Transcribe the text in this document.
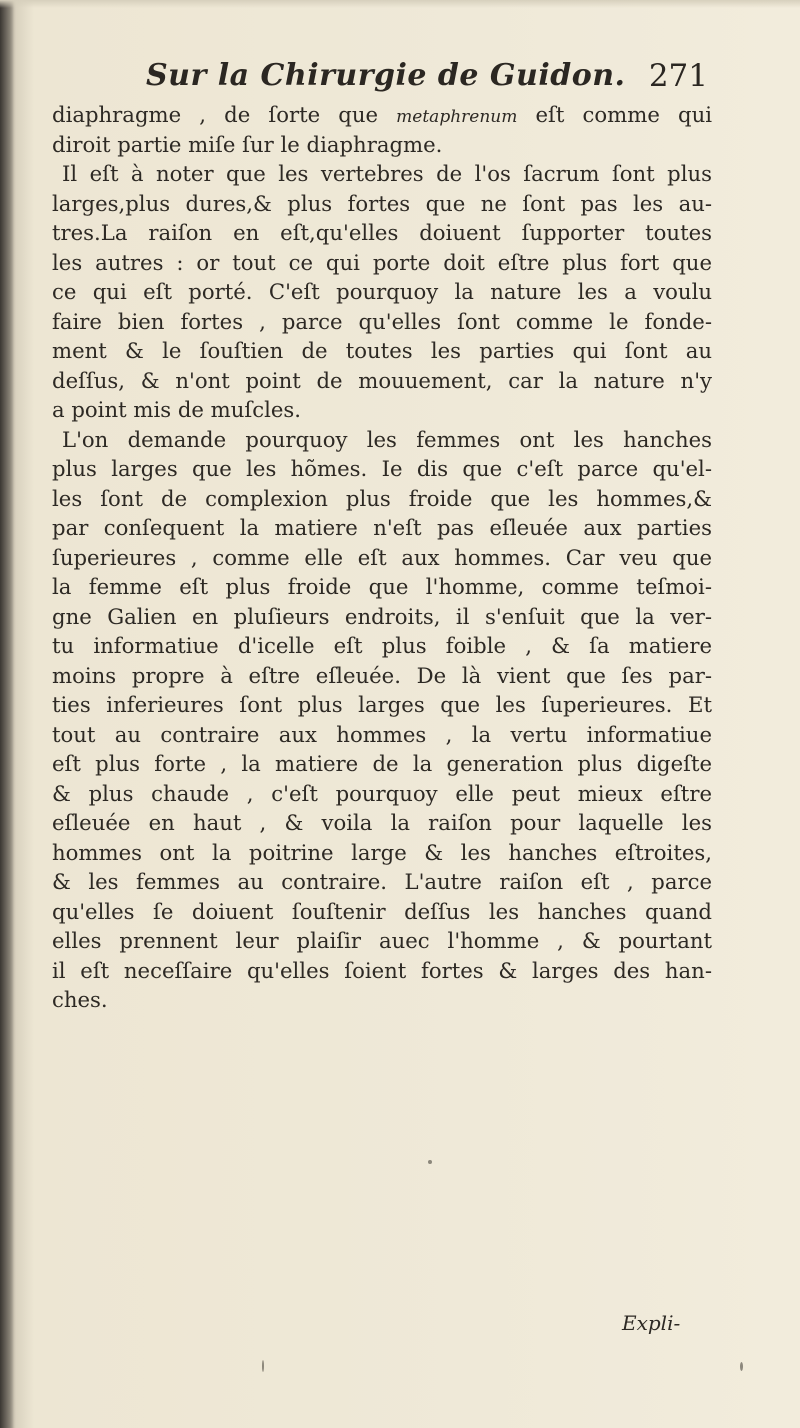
Sur la Chirurgie de Guidon. 271
diaphragme , de ſorte que metaphrenum eſt comme qui
diroit partie miſe ſur le diaphragme.
Il eſt à noter que les vertebres de l'os ſacrum ſont plus
larges,plus dures,& plus fortes que ne ſont pas les au-
tres.La raiſon en eſt,qu'elles doiuent ſupporter toutes
les autres : or tout ce qui porte doit eſtre plus fort que
ce qui eſt porté. C'eſt pourquoy la nature les a voulu
faire bien fortes , parce qu'elles ſont comme le fonde-
ment & le ſouſtien de toutes les parties qui ſont au
deſſus, & n'ont point de mouuement, car la nature n'y
a point mis de muſcles.
L'on demande pourquoy les femmes ont les hanches
plus larges que les hõmes. Ie dis que c'eſt parce qu'el-
les ſont de complexion plus froide que les hommes,&
par conſequent la matiere n'eſt pas eſleuée aux parties
ſuperieures , comme elle eſt aux hommes. Car veu que
la femme eſt plus froide que l'homme, comme teſmoi-
gne Galien en pluſieurs endroits, il s'enſuit que la ver-
tu informatiue d'icelle eſt plus foible , & ſa matiere
moins propre à eſtre eſleuée. De là vient que ſes par-
ties inferieures ſont plus larges que les ſuperieures. Et
tout au contraire aux hommes , la vertu informatiue
eſt plus forte , la matiere de la generation plus digeſte
& plus chaude , c'eſt pourquoy elle peut mieux eſtre
eſleuée en haut , & voila la raiſon pour laquelle les
hommes ont la poitrine large & les hanches eſtroites,
& les femmes au contraire. L'autre raiſon eſt , parce
qu'elles ſe doiuent ſouſtenir deſſus les hanches quand
elles prennent leur plaiſir auec l'homme , & pourtant
il eſt neceſſaire qu'elles ſoient fortes & larges des han-
ches.
Expli-
